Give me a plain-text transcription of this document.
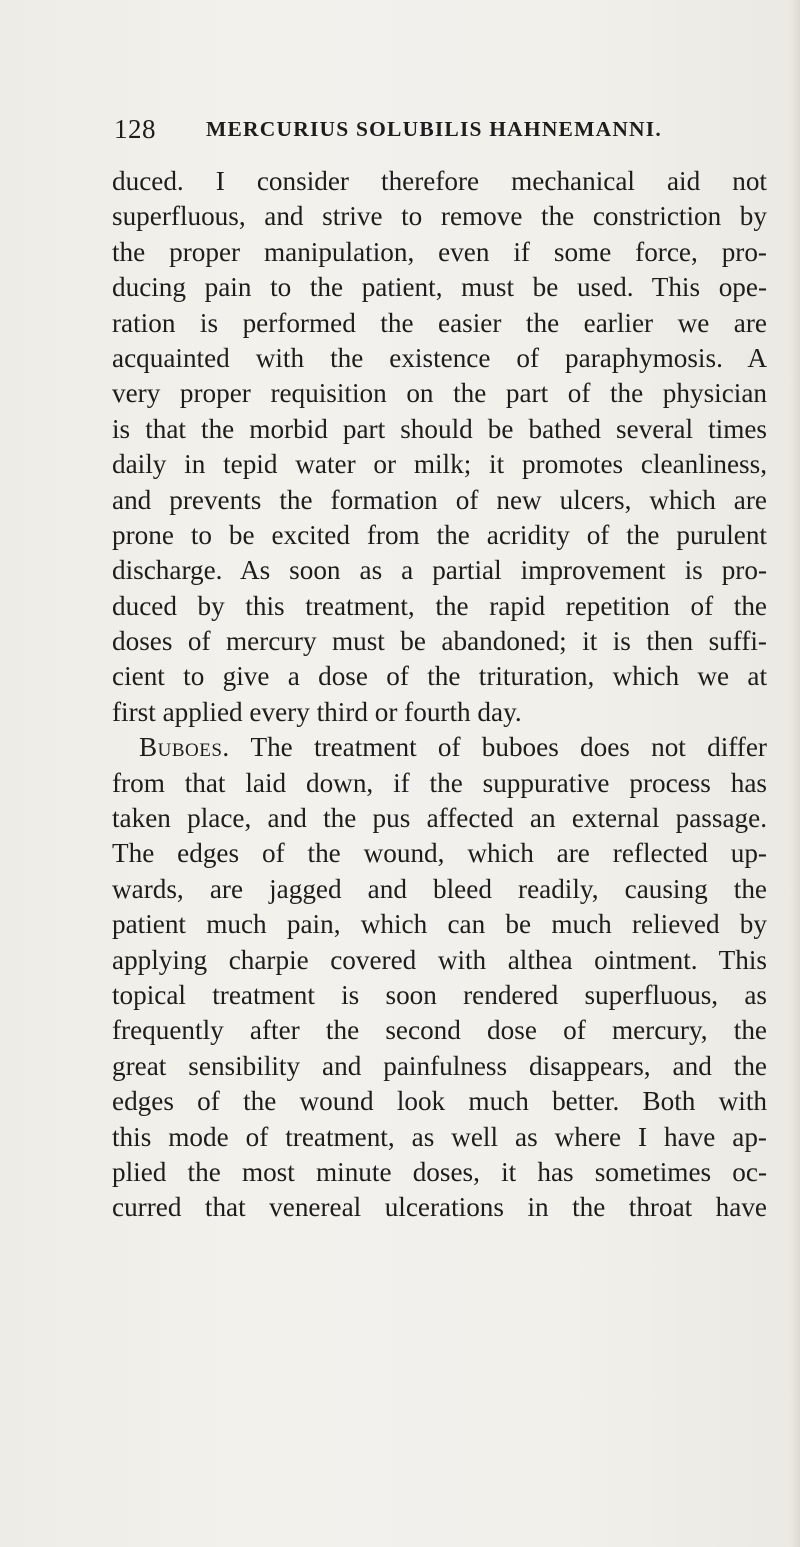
128 MERCURIUS SOLUBILIS HAHNEMANNI.
duced. I consider therefore mechanical aid not
superfluous, and strive to remove the constriction by
the proper manipulation, even if some force, pro-
ducing pain to the patient, must be used. This ope-
ration is performed the easier the earlier we are
acquainted with the existence of paraphymosis. A
very proper requisition on the part of the physician
is that the morbid part should be bathed several times
daily in tepid water or milk; it promotes cleanliness,
and prevents the formation of new ulcers, which are
prone to be excited from the acridity of the purulent
discharge. As soon as a partial improvement is pro-
duced by this treatment, the rapid repetition of the
doses of mercury must be abandoned; it is then suffi-
cient to give a dose of the trituration, which we at
first applied every third or fourth day.
Buboes. The treatment of buboes does not differ
from that laid down, if the suppurative process has
taken place, and the pus affected an external passage.
The edges of the wound, which are reflected up-
wards, are jagged and bleed readily, causing the
patient much pain, which can be much relieved by
applying charpie covered with althea ointment. This
topical treatment is soon rendered superfluous, as
frequently after the second dose of mercury, the
great sensibility and painfulness disappears, and the
edges of the wound look much better. Both with
this mode of treatment, as well as where I have ap-
plied the most minute doses, it has sometimes oc-
curred that venereal ulcerations in the throat have
